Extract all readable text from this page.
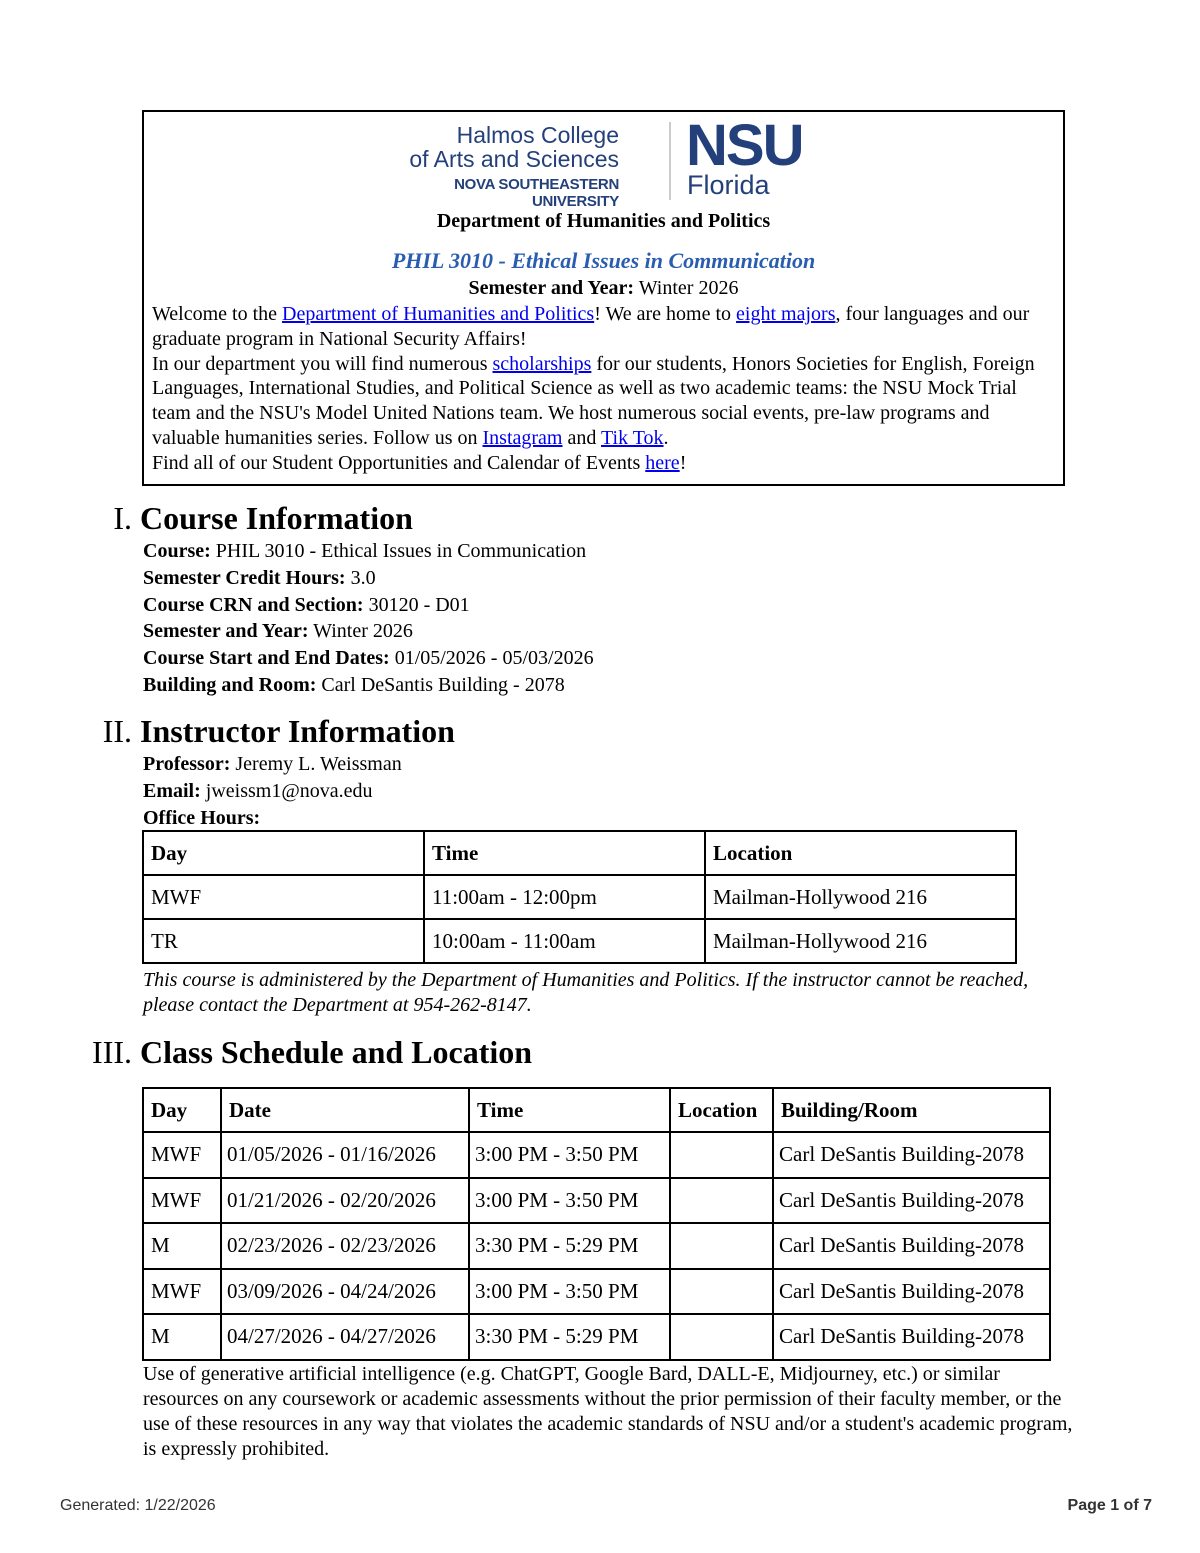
Halmos College
of Arts and Sciences
NOVA SOUTHEASTERN UNIVERSITY
NSU
Florida
Department of Humanities and Politics
PHIL 3010 - Ethical Issues in Communication
Semester and Year: Winter 2026
Welcome to the Department of Humanities and Politics! We are home to eight majors, four languages and our graduate program in National Security Affairs!
In our department you will find numerous scholarships for our students, Honors Societies for English, Foreign Languages, International Studies, and Political Science as well as two academic teams: the NSU Mock Trial team and the NSU's Model United Nations team. We host numerous social events, pre-law programs and valuable humanities series. Follow us on Instagram and Tik Tok.
Find all of our Student Opportunities and Calendar of Events here!
I. Course Information
Course: PHIL 3010 - Ethical Issues in Communication
Semester Credit Hours: 3.0
Course CRN and Section: 30120 - D01
Semester and Year: Winter 2026
Course Start and End Dates: 01/05/2026 - 05/03/2026
Building and Room: Carl DeSantis Building - 2078
II. Instructor Information
Professor: Jeremy L. Weissman
Email: jweissm1@nova.edu
Office Hours:
Day	Time	Location
MWF	11:00am - 12:00pm	Mailman-Hollywood 216
TR	10:00am - 11:00am	Mailman-Hollywood 216
This course is administered by the Department of Humanities and Politics. If the instructor cannot be reached, please contact the Department at 954-262-8147.
III. Class Schedule and Location
Day	Date	Time	Location	Building/Room
MWF	01/05/2026 - 01/16/2026	3:00 PM - 3:50 PM		Carl DeSantis Building-2078
MWF	01/21/2026 - 02/20/2026	3:00 PM - 3:50 PM		Carl DeSantis Building-2078
M	02/23/2026 - 02/23/2026	3:30 PM - 5:29 PM		Carl DeSantis Building-2078
MWF	03/09/2026 - 04/24/2026	3:00 PM - 3:50 PM		Carl DeSantis Building-2078
M	04/27/2026 - 04/27/2026	3:30 PM - 5:29 PM		Carl DeSantis Building-2078
Use of generative artificial intelligence (e.g. ChatGPT, Google Bard, DALL-E, Midjourney, etc.) or similar resources on any coursework or academic assessments without the prior permission of their faculty member, or the use of these resources in any way that violates the academic standards of NSU and/or a student's academic program, is expressly prohibited.
Generated: 1/22/2026	Page 1 of 7
